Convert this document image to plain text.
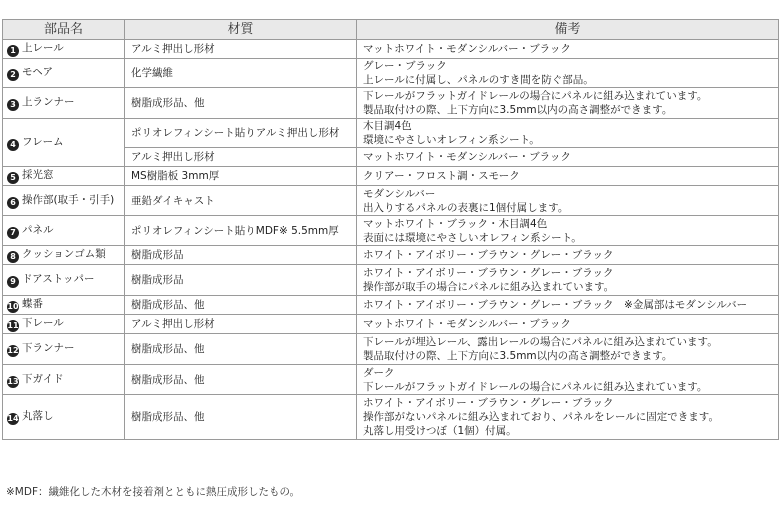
部品名	材質	備考
1 上レール	アルミ押出し形材	マットホワイト・モダンシルバー・ブラック

2 モヘア	化学繊維	グレー・ブラック
上レールに付属し、パネルのすき間を防ぐ部品。

3 上ランナー	樹脂成形品、他	下レールがフラットガイドレールの場合にパネルに組み込まれています。
製品取付けの際、上下方向に3.5mm以内の高さ調整ができます。

4 フレーム	ポリオレフィンシート貼りアルミ押出し形材	木目調4色
環境にやさしいオレフィン系シート。

	アルミ押出し形材	マットホワイト・モダンシルバー・ブラック

5 採光窓	MS樹脂板 3mm厚	クリアー・フロスト調・スモーク

6 操作部(取手・引手)	亜鉛ダイキャスト	モダンシルバー
出入りするパネルの表裏に1個付属します。

7 パネル	ポリオレフィンシート貼りMDF※ 5.5mm厚	マットホワイト・ブラック・木目調4色
表面には環境にやさしいオレフィン系シート。

8 クッションゴム類	樹脂成形品	ホワイト・アイボリー・ブラウン・グレー・ブラック

9 ドアストッパー	樹脂成形品	ホワイト・アイボリー・ブラウン・グレー・ブラック
操作部が取手の場合にパネルに組み込まれています。

10 蝶番	樹脂成形品、他	ホワイト・アイボリー・ブラウン・グレー・ブラック　※金属部はモダンシルバー

11 下レール	アルミ押出し形材	マットホワイト・モダンシルバー・ブラック

12 下ランナー	樹脂成形品、他	下レールが埋込レール、露出レールの場合にパネルに組み込まれています。
製品取付けの際、上下方向に3.5mm以内の高さ調整ができます。

13 下ガイド	樹脂成形品、他	ダーク
下レールがフラットガイドレールの場合にパネルに組み込まれています。

14 丸落し	樹脂成形品、他	ホワイト・アイボリー・ブラウン・グレー・ブラック
操作部がないパネルに組み込まれており、パネルをレールに固定できます。
丸落し用受けつぼ（1個）付属。
※MDF：繊維化した木材を接着剤とともに熱圧成形したもの。
